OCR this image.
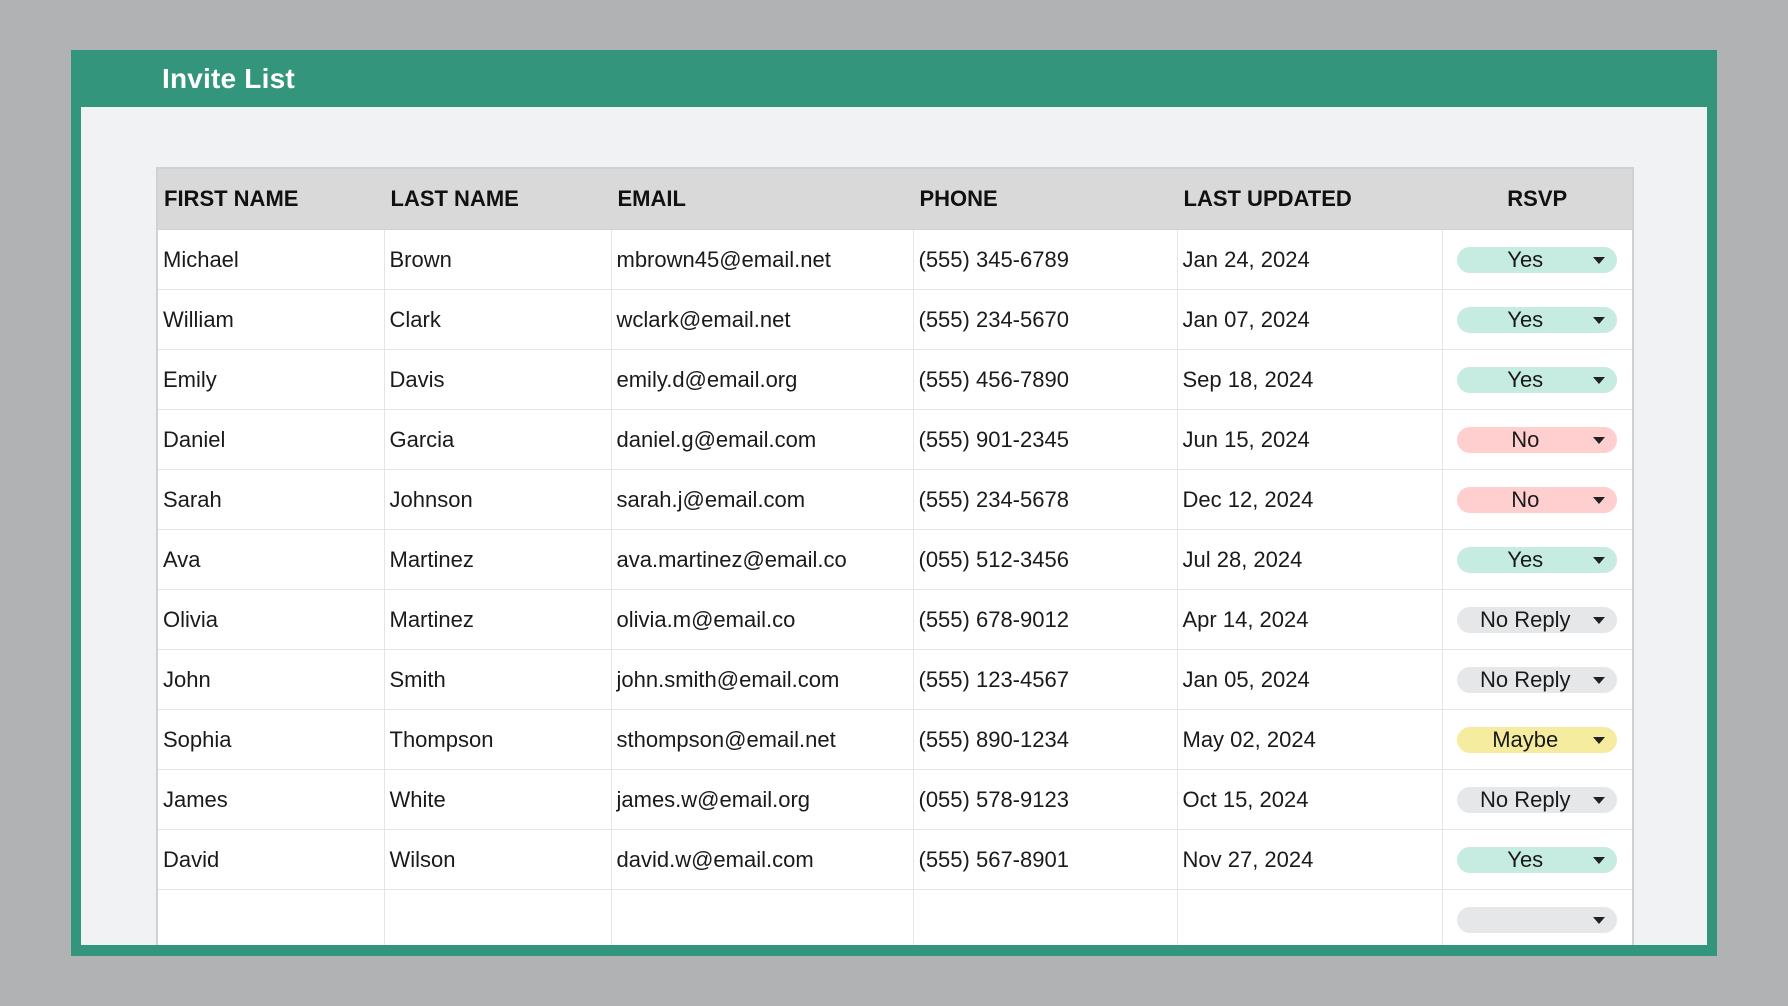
Invite List
FIRST NAME	LAST NAME	EMAIL	PHONE	LAST UPDATED	RSVP
Michael	Brown	mbrown45@email.net	(555) 345-6789	Jan 24, 2024	Yes

William	Clark	wclark@email.net	(555) 234-5670	Jan 07, 2024	Yes

Emily	Davis	emily.d@email.org	(555) 456-7890	Sep 18, 2024	Yes

Daniel	Garcia	daniel.g@email.com	(555) 901-2345	Jun 15, 2024	No

Sarah	Johnson	sarah.j@email.com	(555) 234-5678	Dec 12, 2024	No

Ava	Martinez	ava.martinez@email.co	(055) 512-3456	Jul 28, 2024	Yes

Olivia	Martinez	olivia.m@email.co	(555) 678-9012	Apr 14, 2024	No Reply

John	Smith	john.smith@email.com	(555) 123-4567	Jan 05, 2024	No Reply

Sophia	Thompson	sthompson@email.net	(555) 890-1234	May 02, 2024	Maybe

James	White	james.w@email.org	(055) 578-9123	Oct 15, 2024	No Reply

David	Wilson	david.w@email.com	(555) 567-8901	Nov 27, 2024	Yes
